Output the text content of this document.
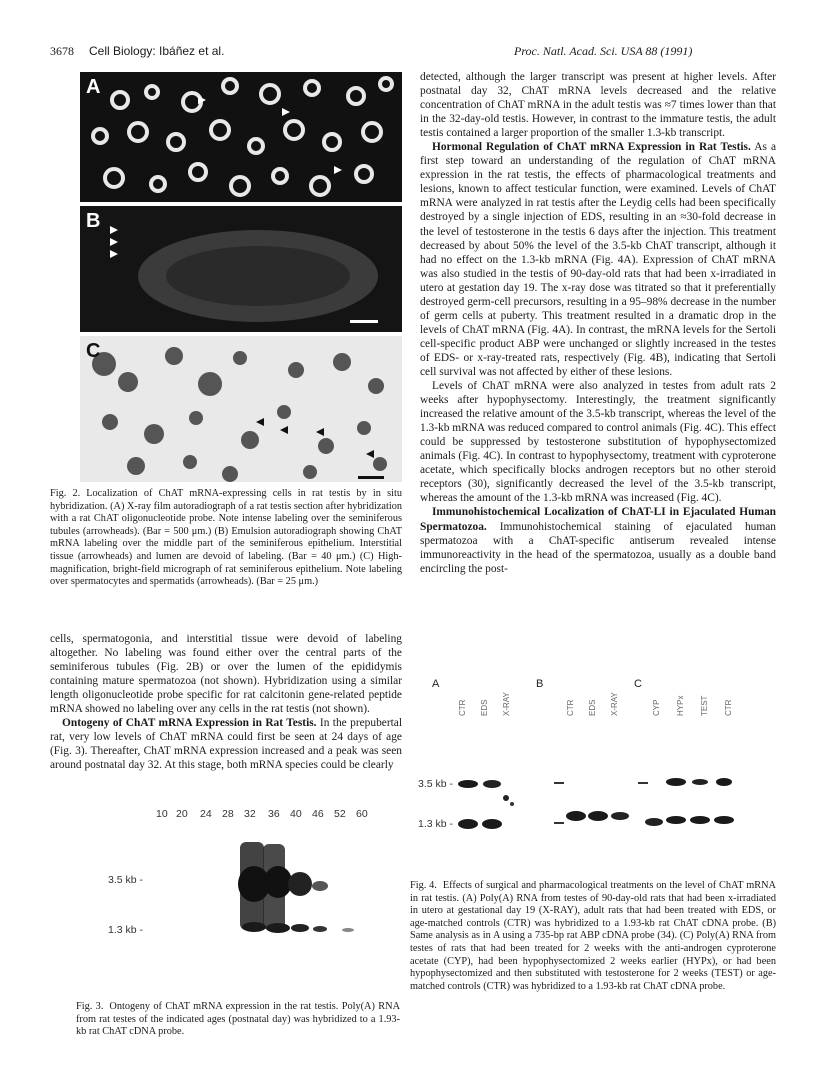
3678 Cell Biology: Ibáñez et al.	Proc. Natl. Acad. Sci. USA 88 (1991)
A
B
C
Fig. 2. Localization of ChAT mRNA-expressing cells in rat testis by in situ hybridization. (A) X-ray film autoradiograph of a rat testis section after hybridization with a rat ChAT oligonucleotide probe. Note intense labeling over the seminiferous tubules (arrowheads). (Bar = 500 μm.) (B) Emulsion autoradiograph showing ChAT mRNA labeling over the middle part of the seminiferous epithelium. Interstitial tissue (arrowheads) and lumen are devoid of labeling. (Bar = 40 μm.) (C) High-magnification, bright-field micrograph of rat seminiferous epithelium. Note labeling over spermatocytes and spermatids (arrowheads). (Bar = 25 μm.)

cells, spermatogonia, and interstitial tissue were devoid of labeling altogether. No labeling was found either over the central parts of the seminiferous tubules (Fig. 2B) or over the lumen of the epididymis containing mature spermatozoa (not shown). Hybridization using a similar length oligonucleotide probe specific for rat calcitonin gene-related peptide mRNA showed no labeling over any cells in the rat testis (not shown).

Ontogeny of ChAT mRNA Expression in Rat Testis. In the prepubertal rat, very low levels of ChAT mRNA could first be seen at 24 days of age (Fig. 3). Thereafter, ChAT mRNA expression increased and a peak was seen around postnatal day 32. At this stage, both mRNA species could be clearly

10 20 24 28 32 36 40 46 52 60
3.5 kb -
1.3 kb -
Fig. 3. Ontogeny of ChAT mRNA expression in the rat testis. Poly(A) RNA from rat testes of the indicated ages (postnatal day) was hybridized to a 1.93-kb rat ChAT cDNA probe.

detected, although the larger transcript was present at higher levels. After postnatal day 32, ChAT mRNA levels decreased and the relative concentration of ChAT mRNA in the adult testis was ≈7 times lower than that in the 32-day-old testis. However, in contrast to the immature testis, the adult testis contained a larger proportion of the smaller 1.3-kb transcript.

Hormonal Regulation of ChAT mRNA Expression in Rat Testis. As a first step toward an understanding of the regulation of ChAT mRNA expression in the rat testis, the effects of pharmacological treatments and lesions, known to affect testicular function, were examined. Levels of ChAT mRNA were analyzed in rat testis after the Leydig cells had been specifically destroyed by a single injection of EDS, resulting in an ≈30-fold decrease in the level of testosterone in the testis 6 days after the injection. This treatment decreased by about 50% the level of the 3.5-kb ChAT transcript, although it had no effect on the 1.3-kb mRNA (Fig. 4A). Expression of ChAT mRNA was also studied in the testis of 90-day-old rats that had been x-irradiated in utero at gestation day 19. The x-ray dose was titrated so that it preferentially destroyed germ-cell precursors, resulting in a 95–98% decrease in the number of germ cells at puberty. This treatment resulted in a dramatic drop in the levels of ChAT mRNA (Fig. 4A). In contrast, the mRNA levels for the Sertoli cell-specific product ABP were unchanged or slightly increased in the testes of EDS- or x-ray-treated rats, respectively (Fig. 4B), indicating that Sertoli cell survival was not affected by either of these lesions.

Levels of ChAT mRNA were also analyzed in testes from adult rats 2 weeks after hypophysectomy. Interestingly, the treatment significantly increased the relative amount of the 3.5-kb transcript, whereas the level of the 1.3-kb mRNA was reduced compared to control animals (Fig. 4C). This effect could be suppressed by testosterone substitution of hypophysectomized animals (Fig. 4C). In contrast to hypophysectomy, treatment with cyproterone acetate, which specifically blocks androgen receptors but no other steroid receptors (30), significantly decreased the level of the 3.5-kb transcript, whereas the amount of the 1.3-kb mRNA was increased (Fig. 4C).

Immunohistochemical Localization of ChAT-LI in Ejaculated Human Spermatozoa. Immunohistochemical staining of ejaculated human spermatozoa with a ChAT-specific antiserum revealed intense immunoreactivity in the head of the spermatozoa, usually as a double band encircling the post-

A	B	C
CTR EDS X-RAY	CTR EDS X-RAY	CYP HYPx TEST CTR
3.5 kb -
1.3 kb -
Fig. 4. Effects of surgical and pharmacological treatments on the level of ChAT mRNA in rat testis. (A) Poly(A) RNA from testes of 90-day-old rats that had been x-irradiated in utero at gestational day 19 (X-RAY), adult rats that had been treated with EDS, or age-matched controls (CTR) was hybridized to a 1.93-kb rat ChAT cDNA probe. (B) Same analysis as in A using a 735-bp rat ABP cDNA probe (34). (C) Poly(A) RNA from testes of rats that had been treated for 2 weeks with the anti-androgen cyproterone acetate (CYP), had been hypophysectomized 2 weeks earlier (HYPx), or had been hypophysectomized and then substituted with testosterone for 2 weeks (TEST) or age-matched controls (CTR) was hybridized to a 1.93-kb rat ChAT cDNA probe.
